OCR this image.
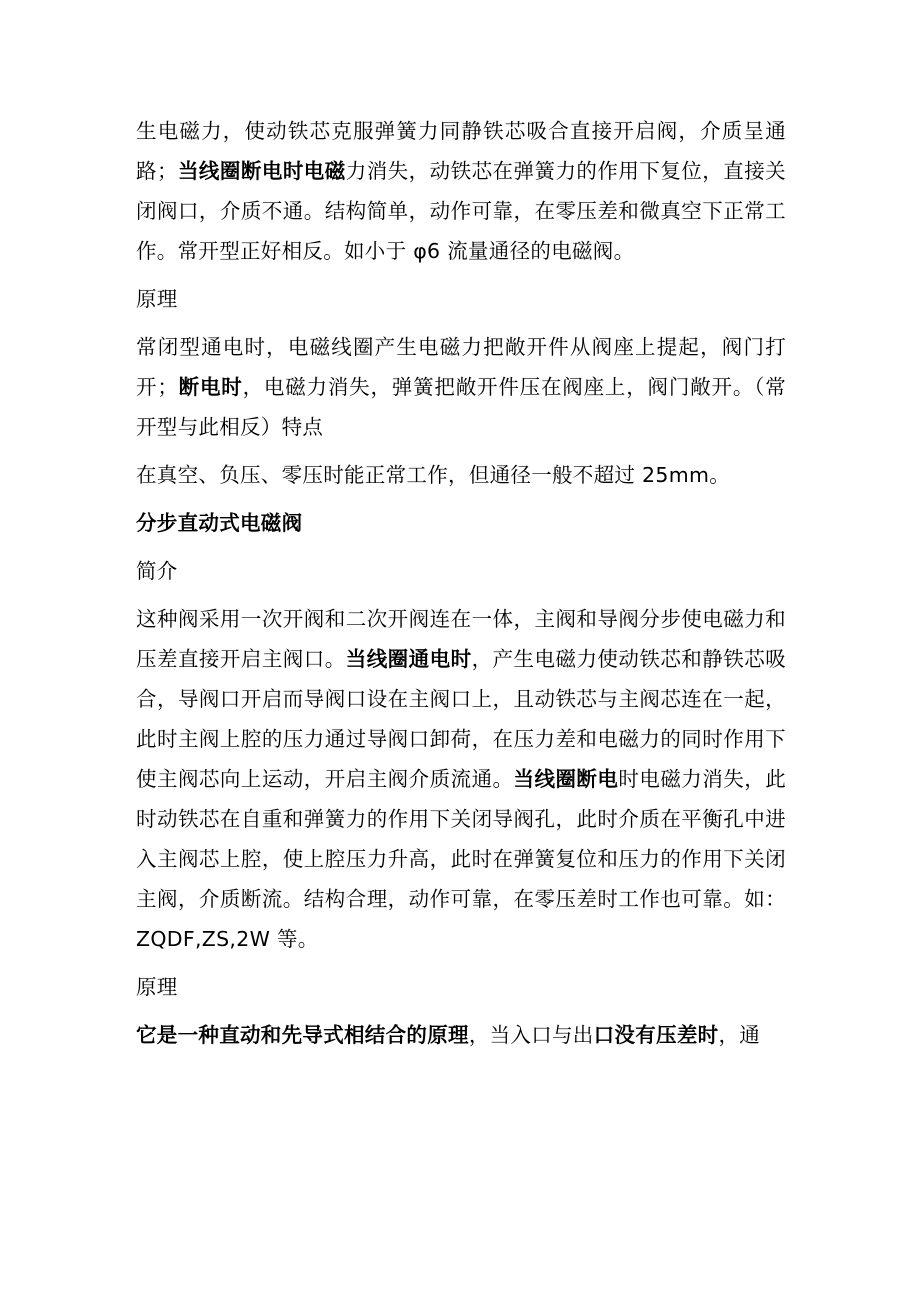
生电磁力，使动铁芯克服弹簧力同静铁芯吸合直接开启阀，介质呈通路；当线圈断电时电磁力消失，动铁芯在弹簧力的作用下复位，直接关闭阀口，介质不通。结构简单，动作可靠，在零压差和微真空下正常工作。常开型正好相反。如小于 φ6 流量通径的电磁阀。

原理

常闭型通电时，电磁线圈产生电磁力把敞开件从阀座上提起，阀门打开；断电时，电磁力消失，弹簧把敞开件压在阀座上，阀门敞开。（常开型与此相反）特点

在真空、负压、零压时能正常工作，但通径一般不超过 25mm。

分步直动式电磁阀

简介

这种阀采用一次开阀和二次开阀连在一体，主阀和导阀分步使电磁力和压差直接开启主阀口。当线圈通电时，产生电磁力使动铁芯和静铁芯吸合，导阀口开启而导阀口设在主阀口上，且动铁芯与主阀芯连在一起，此时主阀上腔的压力通过导阀口卸荷，在压力差和电磁力的同时作用下使主阀芯向上运动，开启主阀介质流通。当线圈断电时电磁力消失，此时动铁芯在自重和弹簧力的作用下关闭导阀孔，此时介质在平衡孔中进入主阀芯上腔，使上腔压力升高，此时在弹簧复位和压力的作用下关闭主阀，介质断流。结构合理，动作可靠，在零压差时工作也可靠。如：ZQDF,ZS,2W 等。

原理

它是一种直动和先导式相结合的原理，当入口与出口没有压差时，通
